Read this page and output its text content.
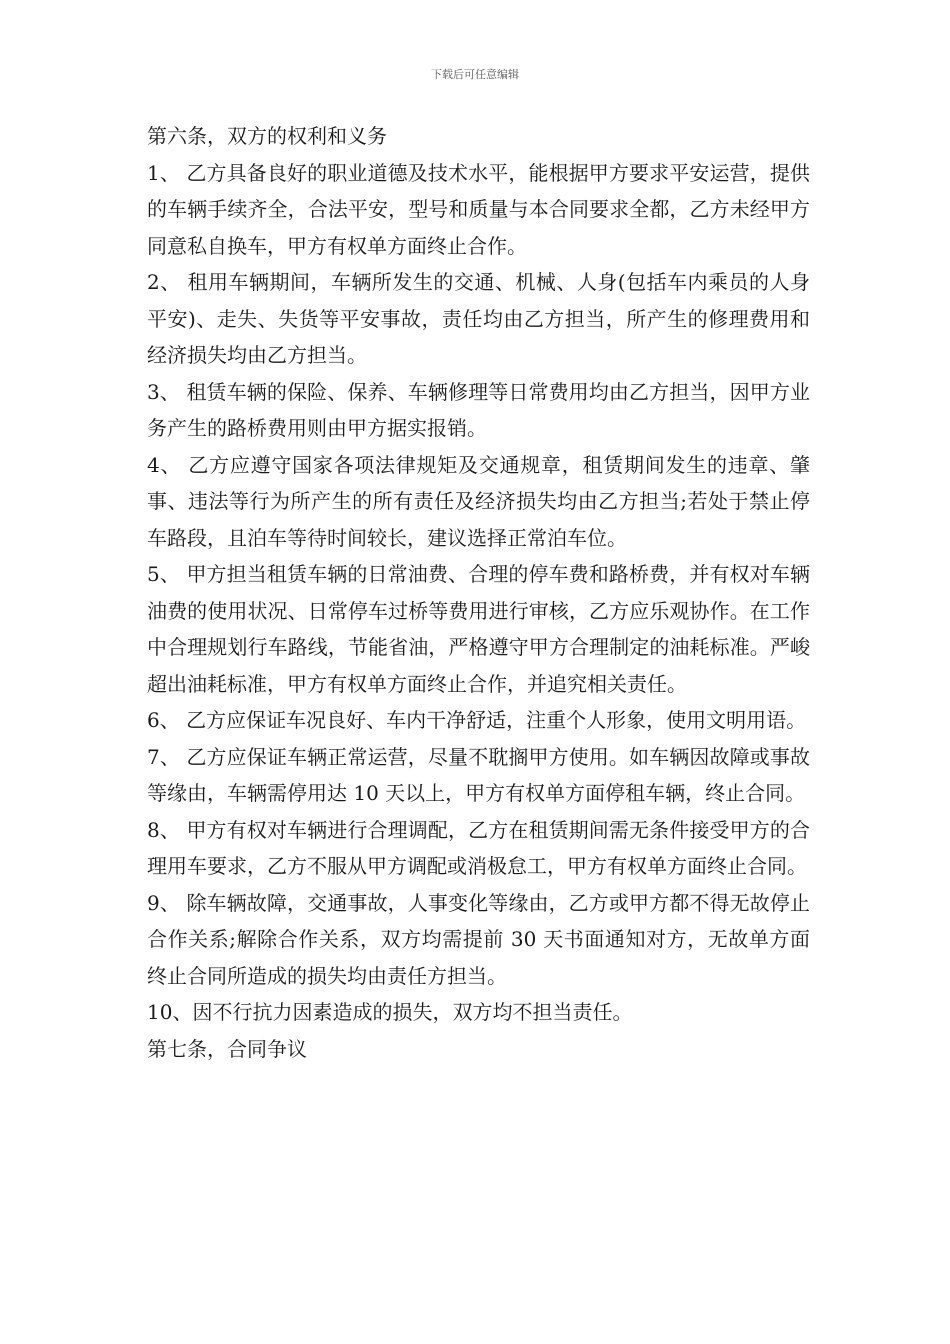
下载后可任意编辑

第六条，双方的权利和义务

1、 乙方具备良好的职业道德及技术水平，能根据甲方要求平安运营，提供的车辆手续齐全，合法平安，型号和质量与本合同要求全都，乙方未经甲方同意私自换车，甲方有权单方面终止合作。

2、 租用车辆期间，车辆所发生的交通、机械、人身(包括车内乘员的人身平安)、走失、失货等平安事故，责任均由乙方担当，所产生的修理费用和经济损失均由乙方担当。

3、 租赁车辆的保险、保养、车辆修理等日常费用均由乙方担当，因甲方业务产生的路桥费用则由甲方据实报销。

4、 乙方应遵守国家各项法律规矩及交通规章，租赁期间发生的违章、肇事、违法等行为所产生的所有责任及经济损失均由乙方担当;若处于禁止停车路段，且泊车等待时间较长，建议选择正常泊车位。

5、 甲方担当租赁车辆的日常油费、合理的停车费和路桥费，并有权对车辆油费的使用状况、日常停车过桥等费用进行审核，乙方应乐观协作。在工作中合理规划行车路线，节能省油，严格遵守甲方合理制定的油耗标准。严峻超出油耗标准，甲方有权单方面终止合作，并追究相关责任。

6、 乙方应保证车况良好、车内干净舒适，注重个人形象，使用文明用语。

7、 乙方应保证车辆正常运营，尽量不耽搁甲方使用。如车辆因故障或事故等缘由，车辆需停用达 10 天以上，甲方有权单方面停租车辆，终止合同。

8、 甲方有权对车辆进行合理调配，乙方在租赁期间需无条件接受甲方的合理用车要求，乙方不服从甲方调配或消极怠工，甲方有权单方面终止合同。

9、 除车辆故障，交通事故，人事变化等缘由，乙方或甲方都不得无故停止合作关系;解除合作关系，双方均需提前 30 天书面通知对方，无故单方面终止合同所造成的损失均由责任方担当。

10、因不行抗力因素造成的损失，双方均不担当责任。

第七条，合同争议
